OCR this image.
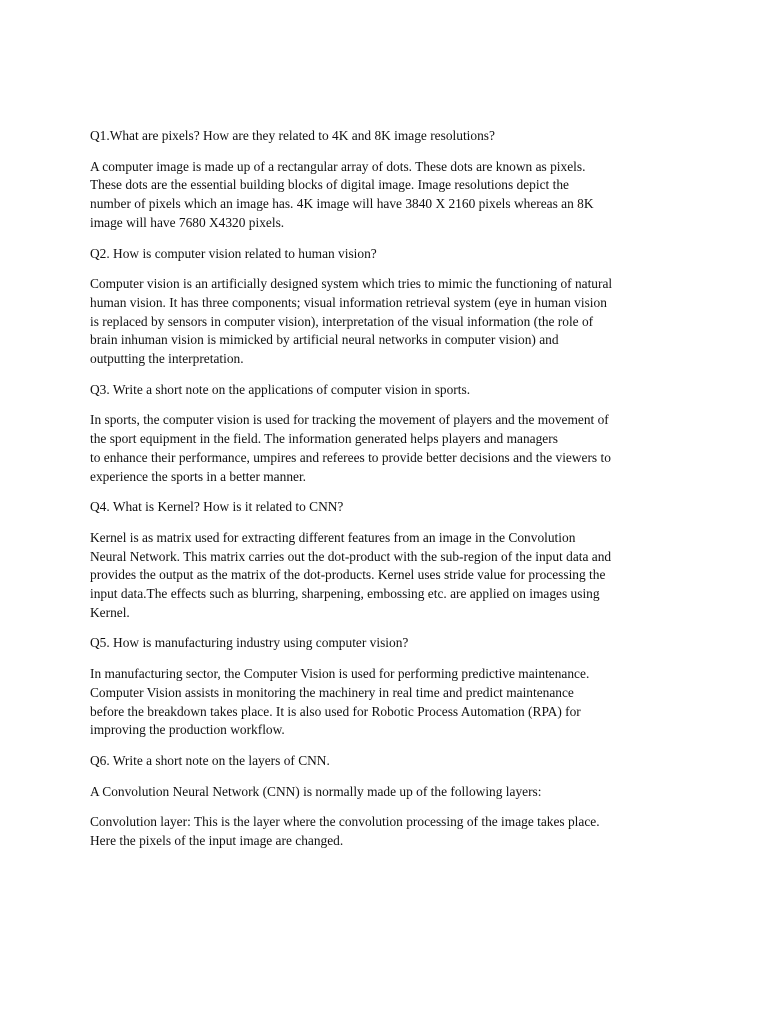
Q1.What are pixels? How are they related to 4K and 8K image resolutions?

A computer image is made up of a rectangular array of dots. These dots are known as pixels.
These dots are the essential building blocks of digital image. Image resolutions depict the
number of pixels which an image has. 4K image will have 3840 X 2160 pixels whereas an 8K
image will have 7680 X4320 pixels.

Q2. How is computer vision related to human vision?

Computer vision is an artificially designed system which tries to mimic the functioning of natural
human vision. It has three components; visual information retrieval system (eye in human vision
is replaced by sensors in computer vision), interpretation of the visual information (the role of
brain inhuman vision is mimicked by artificial neural networks in computer vision) and
outputting the interpretation.

Q3. Write a short note on the applications of computer vision in sports.

In sports, the computer vision is used for tracking the movement of players and the movement of
the sport equipment in the field. The information generated helps players and managers
to enhance their performance, umpires and referees to provide better decisions and the viewers to
experience the sports in a better manner.

Q4. What is Kernel? How is it related to CNN?

Kernel is as matrix used for extracting different features from an image in the Convolution
Neural Network. This matrix carries out the dot-product with the sub-region of the input data and
provides the output as the matrix of the dot-products. Kernel uses stride value for processing the
input data.The effects such as blurring, sharpening, embossing etc. are applied on images using
Kernel.

Q5. How is manufacturing industry using computer vision?

In manufacturing sector, the Computer Vision is used for performing predictive maintenance.
Computer Vision assists in monitoring the machinery in real time and predict maintenance
before the breakdown takes place. It is also used for Robotic Process Automation (RPA) for
improving the production workflow.

Q6. Write a short note on the layers of CNN.

A Convolution Neural Network (CNN) is normally made up of the following layers:
Convolution layer: This is the layer where the convolution processing of the image takes place.
Here the pixels of the input image are changed.
